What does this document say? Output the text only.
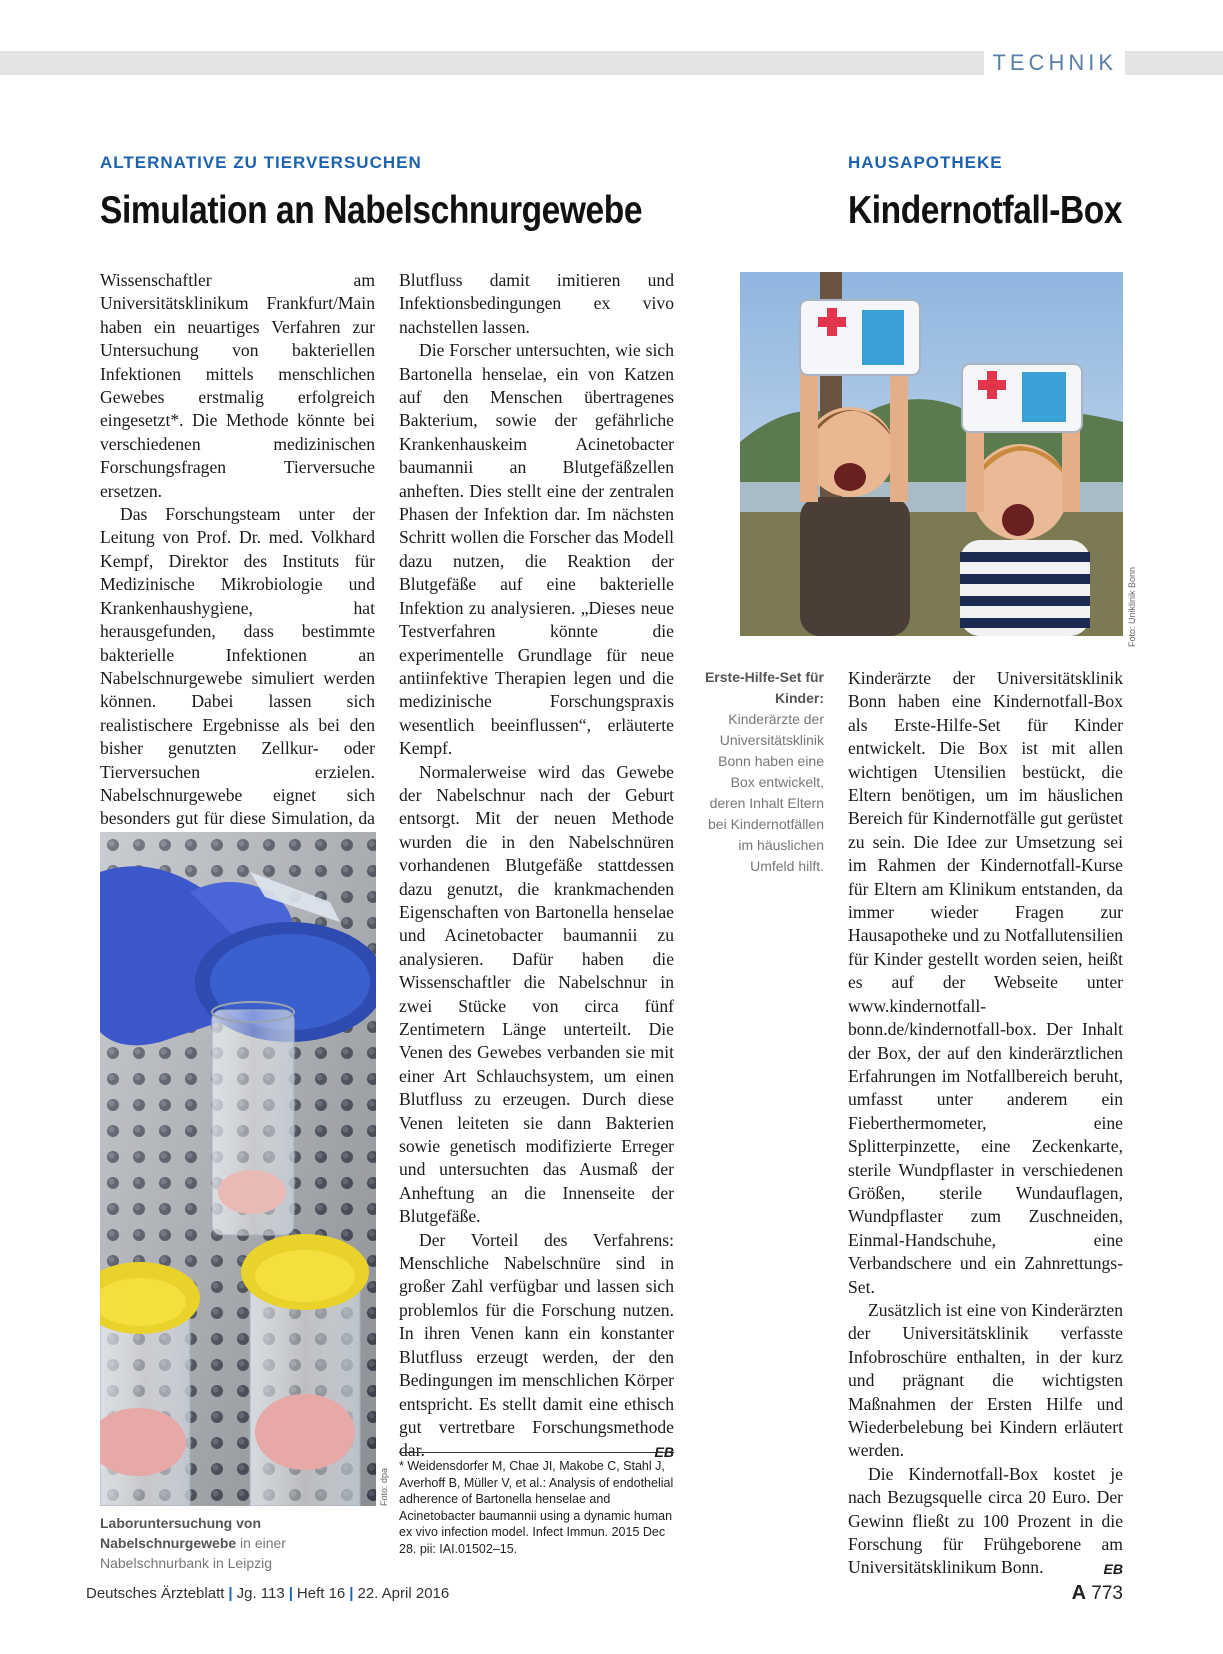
TECHNIK
ALTERNATIVE ZU TIERVERSUCHEN
Simulation an Nabelschnurgewebe

Wissenschaftler am Universitätsklinikum Frankfurt/Main haben ein neuartiges Verfahren zur Untersuchung von bakteriellen Infektionen mittels menschlichen Gewebes erstmalig erfolgreich eingesetzt*. Die Methode könnte bei verschiedenen medizinischen Forschungsfragen Tierversuche ersetzen.

Das Forschungsteam unter der Leitung von Prof. Dr. med. Volkhard Kempf, Direktor des Instituts für Medizinische Mikrobiologie und Krankenhaushygiene, hat herausgefunden, dass bestimmte bakterielle Infektionen an Nabelschnurgewebe simuliert werden können. Dabei lassen sich realistischere Ergebnisse als bei den bisher genutzten Zellkur- oder Tierversuchen erzielen. Nabelschnurgewebe eignet sich besonders gut für diese Simulation, da

Blutfluss damit imitieren und Infektionsbedingungen ex vivo nachstellen lassen.

Die Forscher untersuchten, wie sich Bartonella henselae, ein von Katzen auf den Menschen übertragenes Bakterium, sowie der gefährliche Krankenhauskeim Acinetobacter baumannii an Blutgefäßzellen anheften. Dies stellt eine der zentralen Phasen der Infektion dar. Im nächsten Schritt wollen die Forscher das Modell dazu nutzen, die Reaktion der Blutgefäße auf eine bakterielle Infektion zu analysieren. „Dieses neue Testverfahren könnte die experimentelle Grundlage für neue antiinfektive Therapien legen und die medizinische Forschungspraxis wesentlich beeinflussen“, erläuterte Kempf.

Normalerweise wird das Gewebe der Nabelschnur nach der Geburt entsorgt. Mit der neuen Methode wurden die in den Nabelschnüren vorhandenen Blutgefäße stattdessen dazu genutzt, die krankmachenden Eigenschaften von Bartonella henselae und Acinetobacter baumannii zu analysieren. Dafür haben die Wissenschaftler die Nabelschnur in zwei Stücke von circa fünf Zentimetern Länge unterteilt. Die Venen des Gewebes verbanden sie mit einer Art Schlauchsystem, um einen Blutfluss zu erzeugen. Durch diese Venen leiteten sie dann Bakterien sowie genetisch modifizierte Erreger und untersuchten das Ausmaß der Anheftung an die Innenseite der Blutgefäße.

Der Vorteil des Verfahrens: Menschliche Nabelschnüre sind in großer Zahl verfügbar und lassen sich problemlos für die Forschung nutzen. In ihren Venen kann ein konstanter Blutfluss erzeugt werden, der den Bedingungen im menschlichen Körper entspricht. Es stellt damit eine ethisch gut vertretbare Forschungsmethode dar.	EB

Foto: dpa
Laboruntersuchung von Nabelschnurgewebe in einer Nabelschnurbank in Leipzig
* Weidensdorfer M, Chae JI, Makobe C, Stahl J, Averhoff B, Müller V, et al.: Analysis of endothelial adherence of Bartonella henselae and Acinetobacter baumannii using a dynamic human ex vivo infection model. Infect Immun. 2015 Dec 28. pii: IAI.01502–15.
HAUSAPOTHEKE
Kindernotfall-Box
Foto: Uniklinik Bonn
Erste-Hilfe-Set für Kinder:
Kinderärzte der Universitätsklinik Bonn haben eine Box entwickelt, deren Inhalt Eltern bei Kindernotfällen im häuslichen Umfeld hilft.

Kinderärzte der Universitätsklinik Bonn haben eine Kindernotfall-Box als Erste-Hilfe-Set für Kinder entwickelt. Die Box ist mit allen wichtigen Utensilien bestückt, die Eltern benötigen, um im häuslichen Bereich für Kindernotfälle gut gerüstet zu sein. Die Idee zur Umsetzung sei im Rahmen der Kindernotfall-Kurse für Eltern am Klinikum entstanden, da immer wieder Fragen zur Hausapotheke und zu Notfallutensilien für Kinder gestellt worden seien, heißt es auf der Webseite unter www.kindernotfall-bonn.de/kindernotfall-box. Der Inhalt der Box, der auf den kinderärztlichen Erfahrungen im Notfallbereich beruht, umfasst unter anderem ein Fieberthermometer, eine Splitterpinzette, eine Zeckenkarte, sterile Wundpflaster in verschiedenen Größen, sterile Wundauflagen, Wundpflaster zum Zuschneiden, Einmal-Handschuhe, eine Verbandschere und ein Zahnrettungs-Set.

Zusätzlich ist eine von Kinderärzten der Universitätsklinik verfasste Infobroschüre enthalten, in der kurz und prägnant die wichtigsten Maßnahmen der Ersten Hilfe und Wiederbelebung bei Kindern erläutert werden.

Die Kindernotfall-Box kostet je nach Bezugsquelle circa 20 Euro. Der Gewinn fließt zu 100 Prozent in die Forschung für Frühgeborene am Universitätsklinikum Bonn.	EB

Deutsches Ärzteblatt | Jg. 113 | Heft 16 | 22. April 2016	A 773
